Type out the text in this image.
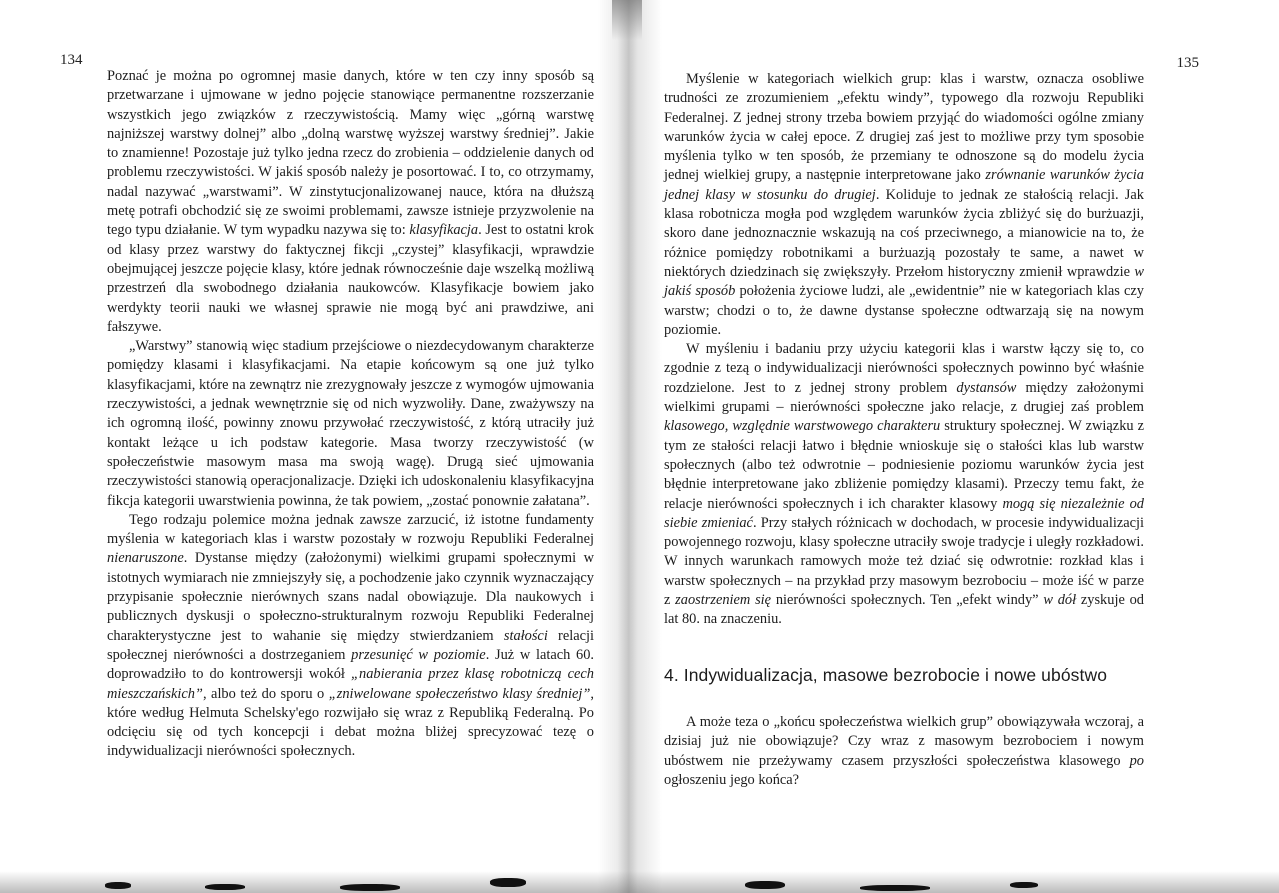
134

Poznać je można po ogromnej masie danych, które w ten czy inny sposób są przetwarzane i ujmowane w jedno pojęcie stanowiące permanentne rozszerzanie wszystkich jego związków z rzeczywistością. Mamy więc „górną warstwę najniższej warstwy dolnej” albo „dolną warstwę wyższej warstwy średniej”. Jakie to znamienne! Pozostaje już tylko jedna rzecz do zrobienia – oddzielenie danych od problemu rzeczywistości. W jakiś sposób należy je posortować. I to, co otrzymamy, nadal nazywać „warstwami”. W zinstytucjonalizowanej nauce, która na dłuższą metę potrafi obchodzić się ze swoimi problemami, zawsze istnieje przyzwolenie na tego typu działanie. W tym wypadku nazywa się to: klasyfikacja. Jest to ostatni krok od klasy przez warstwy do faktycznej fikcji „czystej” klasyfikacji, wprawdzie obejmującej jeszcze pojęcie klasy, które jednak równocześnie daje wszelką możliwą przestrzeń dla swobodnego działania naukowców. Klasyfikacje bowiem jako werdykty teorii nauki we własnej sprawie nie mogą być ani prawdziwe, ani fałszywe.

„Warstwy” stanowią więc stadium przejściowe o niezdecydowanym charakterze pomiędzy klasami i klasyfikacjami. Na etapie końcowym są one już tylko klasyfikacjami, które na zewnątrz nie zrezygnowały jeszcze z wymogów ujmowania rzeczywistości, a jednak wewnętrznie się od nich wyzwoliły. Dane, zważywszy na ich ogromną ilość, powinny znowu przywołać rzeczywistość, z którą utraciły już kontakt leżące u ich podstaw kategorie. Masa tworzy rzeczywistość (w społeczeństwie masowym masa ma swoją wagę). Drugą sieć ujmowania rzeczywistości stanowią operacjonalizacje. Dzięki ich udoskonaleniu klasyfikacyjna fikcja kategorii uwarstwienia powinna, że tak powiem, „zostać ponownie załatana”.

Tego rodzaju polemice można jednak zawsze zarzucić, iż istotne fundamenty myślenia w kategoriach klas i warstw pozostały w rozwoju Republiki Federalnej nienaruszone. Dystanse między (założonymi) wielkimi grupami społecznymi w istotnych wymiarach nie zmniejszyły się, a pochodzenie jako czynnik wyznaczający przypisanie społecznie nierównych szans nadal obowiązuje. Dla naukowych i publicznych dyskusji o społeczno-strukturalnym rozwoju Republiki Federalnej charakterystyczne jest to wahanie się między stwierdzaniem stałości relacji społecznej nierówności a dostrzeganiem przesunięć w poziomie. Już w latach 60. doprowadziło to do kontrowersji wokół „nabierania przez klasę robotniczą cech mieszczańskich”, albo też do sporu o „zniwelowane społeczeństwo klasy średniej”, które według Helmuta Schelsky'ego rozwijało się wraz z Republiką Federalną. Po odcięciu się od tych koncepcji i debat można bliżej sprecyzować tezę o indywidualizacji nierówności społecznych.

135

Myślenie w kategoriach wielkich grup: klas i warstw, oznacza osobliwe trudności ze zrozumieniem „efektu windy”, typowego dla rozwoju Republiki Federalnej. Z jednej strony trzeba bowiem przyjąć do wiadomości ogólne zmiany warunków życia w całej epoce. Z drugiej zaś jest to możliwe przy tym sposobie myślenia tylko w ten sposób, że przemiany te odnoszone są do modelu życia jednej wielkiej grupy, a następnie interpretowane jako zrównanie warunków życia jednej klasy w stosunku do drugiej. Koliduje to jednak ze stałością relacji. Jak klasa robotnicza mogła pod względem warunków życia zbliżyć się do burżuazji, skoro dane jednoznacznie wskazują na coś przeciwnego, a mianowicie na to, że różnice pomiędzy robotnikami a burżuazją pozostały te same, a nawet w niektórych dziedzinach się zwiększyły. Przełom historyczny zmienił wprawdzie w jakiś sposób położenia życiowe ludzi, ale „ewidentnie” nie w kategoriach klas czy warstw; chodzi o to, że dawne dystanse społeczne odtwarzają się na nowym poziomie.

W myśleniu i badaniu przy użyciu kategorii klas i warstw łączy się to, co zgodnie z tezą o indywidualizacji nierówności społecznych powinno być właśnie rozdzielone. Jest to z jednej strony problem dystansów między założonymi wielkimi grupami – nierówności społeczne jako relacje, z drugiej zaś problem klasowego, względnie warstwowego charakteru struktury społecznej. W związku z tym ze stałości relacji łatwo i błędnie wnioskuje się o stałości klas lub warstw społecznych (albo też odwrotnie – podniesienie poziomu warunków życia jest błędnie interpretowane jako zbliżenie pomiędzy klasami). Przeczy temu fakt, że relacje nierówności społecznych i ich charakter klasowy mogą się niezależnie od siebie zmieniać. Przy stałych różnicach w dochodach, w procesie indywidualizacji powojennego rozwoju, klasy społeczne utraciły swoje tradycje i uległy rozkładowi. W innych warunkach ramowych może też dziać się odwrotnie: rozkład klas i warstw społecznych – na przykład przy masowym bezrobociu – może iść w parze z zaostrzeniem się nierówności społecznych. Ten „efekt windy” w dół zyskuje od lat 80. na znaczeniu.

4. Indywidualizacja, masowe bezrobocie i nowe ubóstwo

A może teza o „końcu społeczeństwa wielkich grup” obowiązywała wczoraj, a dzisiaj już nie obowiązuje? Czy wraz z masowym bezrobociem i nowym ubóstwem nie przeżywamy czasem przyszłości społeczeństwa klasowego po ogłoszeniu jego końca?
